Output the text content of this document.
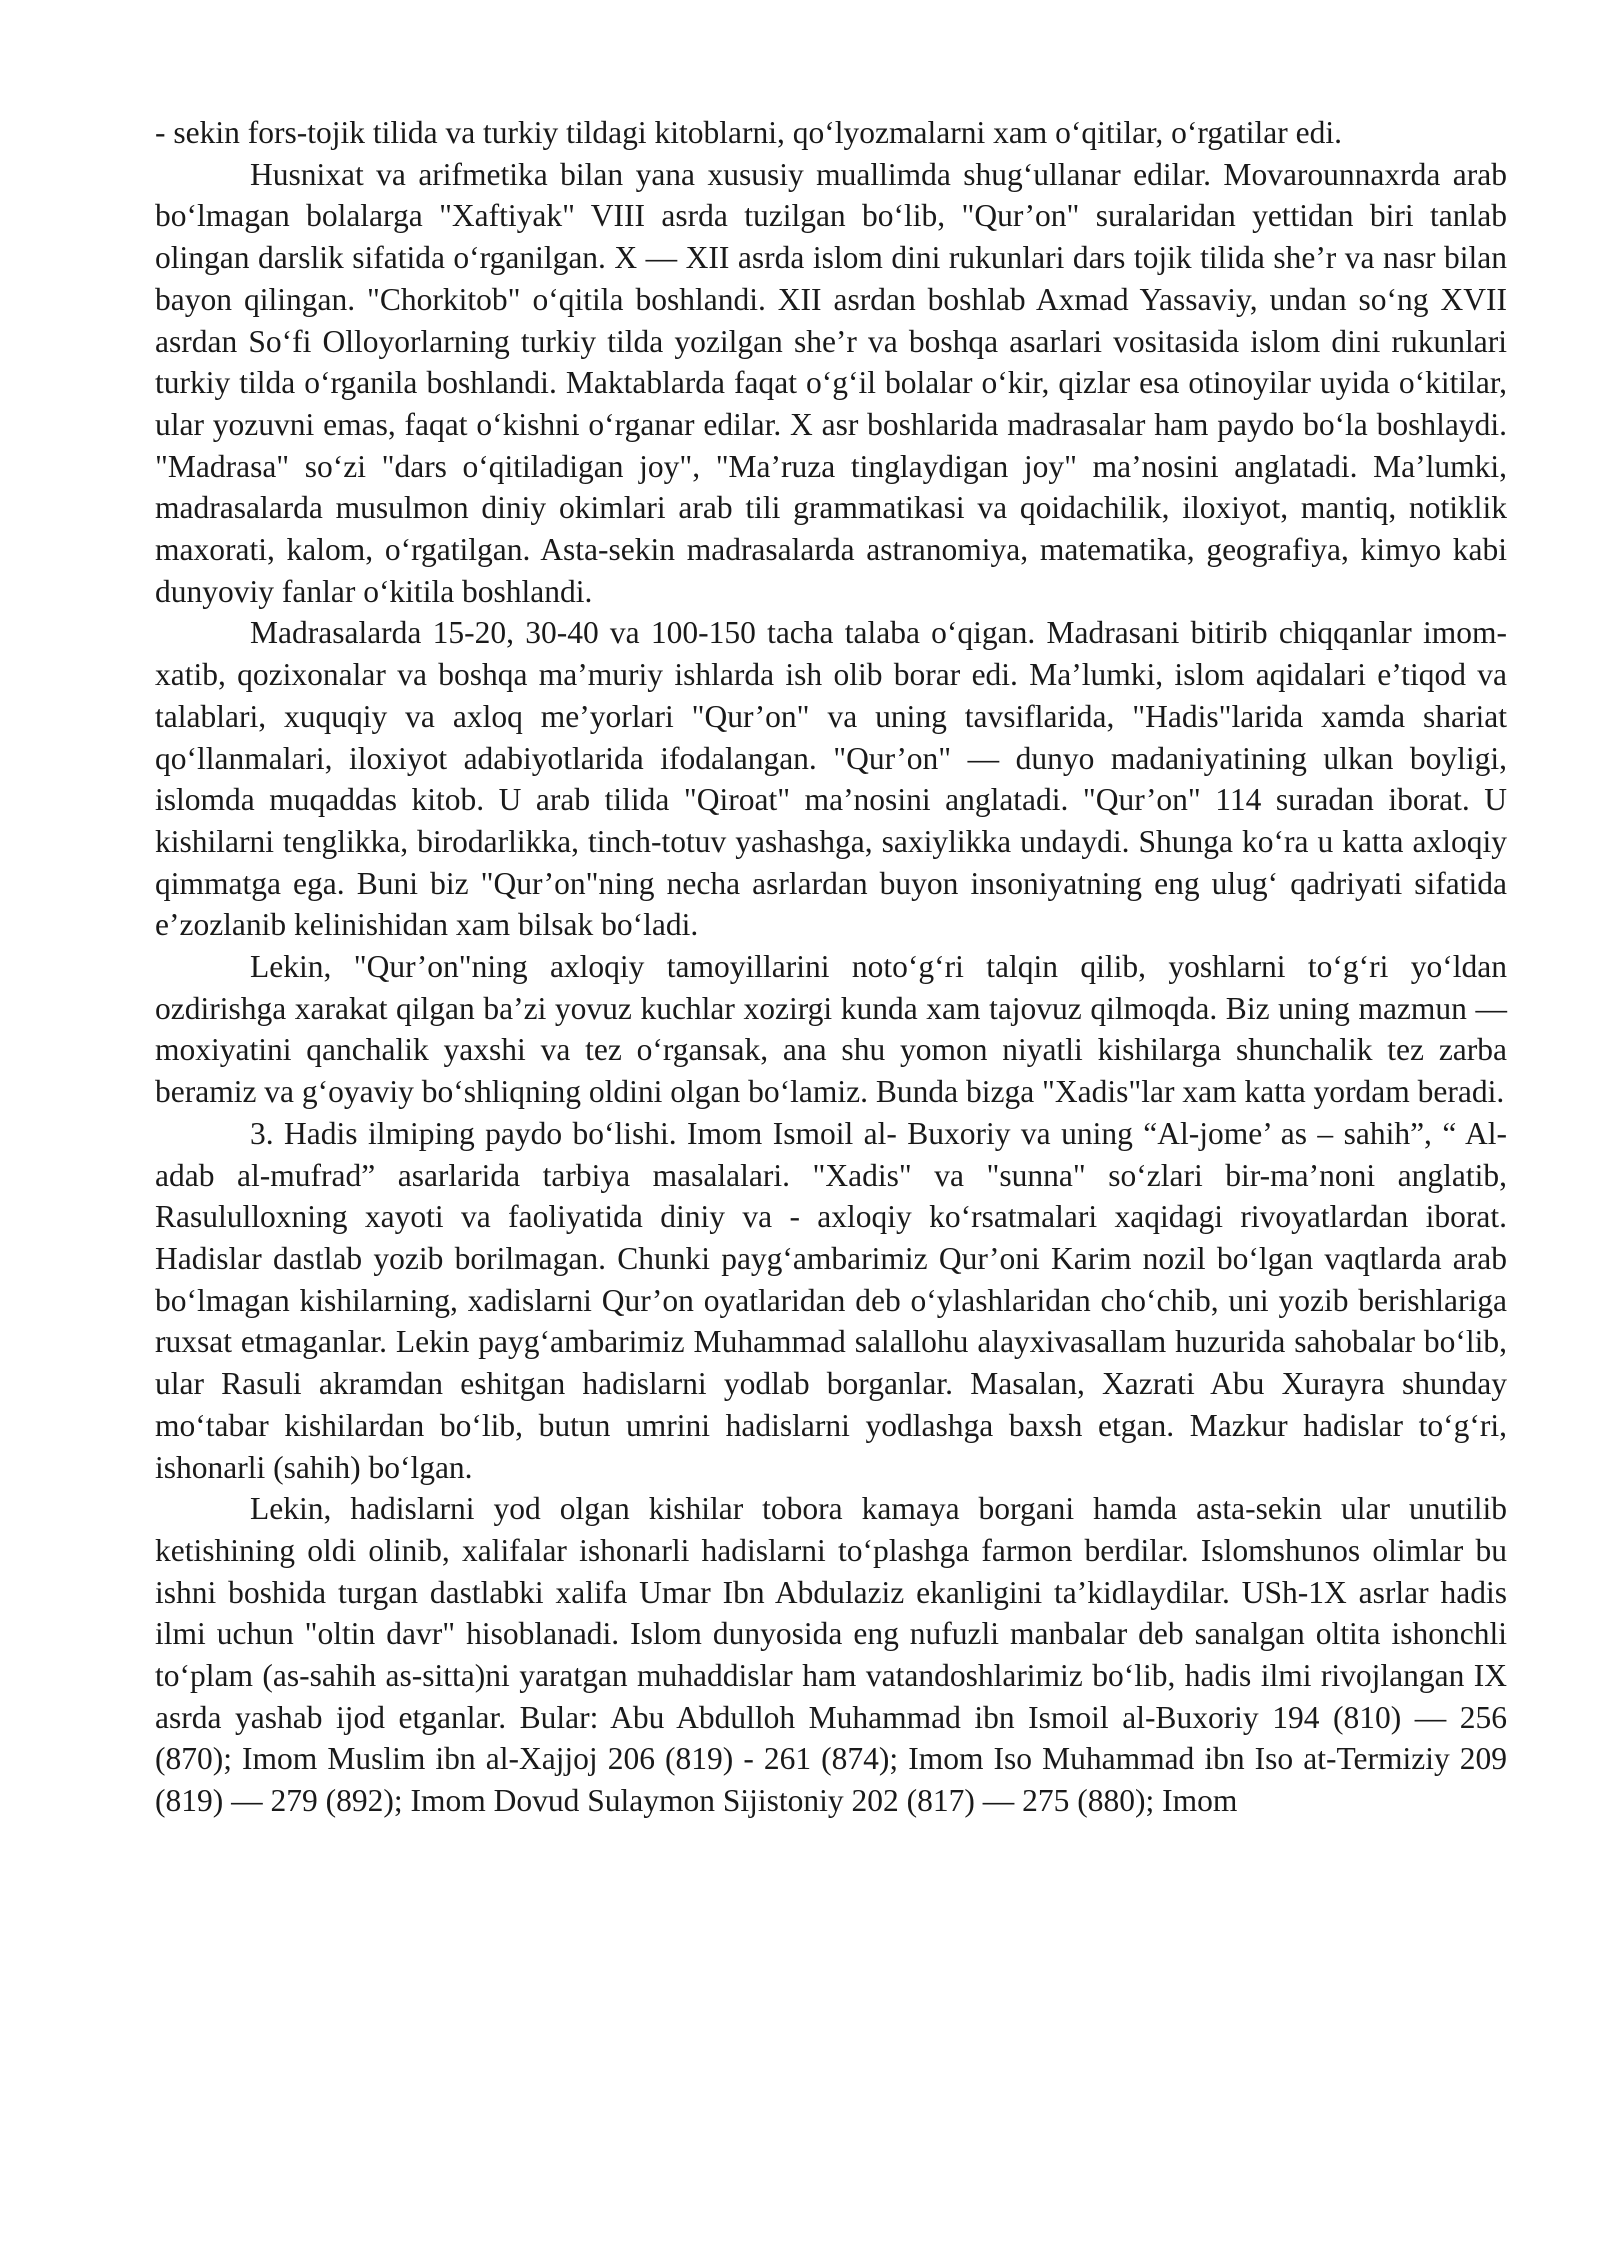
- sekin fors-tojik tilida va turkiy tildagi kitoblarni, qo‘lyozmalarni xam o‘qitilar, o‘rgatilar edi.

Husnixat va arifmetika bilan yana xususiy muallimda shug‘ullanar edilar. Movarounnaxrda arab bo‘lmagan bolalarga "Xaftiyak" VIII asrda tuzilgan bo‘lib, "Qur’on" suralaridan yettidan biri tanlab olingan darslik sifatida o‘rganilgan. X — XII asrda islom dini rukunlari dars tojik tilida she’r va nasr bilan bayon qilingan. "Chorkitob" o‘qitila boshlandi. XII asrdan boshlab Axmad Yassaviy, undan so‘ng XVII asrdan So‘fi Olloyorlarning turkiy tilda yozilgan she’r va boshqa asarlari vositasida islom dini rukunlari turkiy tilda o‘rganila boshlandi. Maktablarda faqat o‘g‘il bolalar o‘kir, qizlar esa otinoyilar uyida o‘kitilar, ular yozuvni emas, faqat o‘kishni o‘rganar edilar. X asr boshlarida madrasalar ham paydo bo‘la boshlaydi. "Madrasa" so‘zi "dars o‘qitiladigan joy", "Ma’ruza tinglaydigan joy" ma’nosini anglatadi. Ma’lumki, madrasalarda musulmon diniy okimlari arab tili grammatikasi va qoidachilik, iloxiyot, mantiq, notiklik maxorati, kalom, o‘rgatilgan. Asta-sekin madrasalarda astranomiya, matematika, geografiya, kimyo kabi dunyoviy fanlar o‘kitila boshlandi.

Madrasalarda 15-20, 30-40 va 100-150 tacha talaba o‘qigan. Madrasani bitirib chiqqanlar imom-xatib, qozixonalar va boshqa ma’muriy ishlarda ish olib borar edi. Ma’lumki, islom aqidalari e’tiqod va talablari, xuquqiy va axloq me’yorlari "Qur’on" va uning tavsiflarida, "Hadis"larida xamda shariat qo‘llanmalari, iloxiyot adabiyotlarida ifodalangan. "Qur’on" — dunyo madaniyatining ulkan boyligi, islomda muqaddas kitob. U arab tilida "Qiroat" ma’nosini anglatadi. "Qur’on" 114 suradan iborat. U kishilarni tenglikka, birodarlikka, tinch-totuv yashashga, saxiylikka undaydi. Shunga ko‘ra u katta axloqiy qimmatga ega. Buni biz "Qur’on"ning necha asrlardan buyon insoniyatning eng ulug‘ qadriyati sifatida e’zozlanib kelinishidan xam bilsak bo‘ladi.

Lekin, "Qur’on"ning axloqiy tamoyillarini noto‘g‘ri talqin qilib, yoshlarni to‘g‘ri yo‘ldan ozdirishga xarakat qilgan ba’zi yovuz kuchlar xozirgi kunda xam tajovuz qilmoqda. Biz uning mazmun — moxiyatini qanchalik yaxshi va tez o‘rgansak, ana shu yomon niyatli kishilarga shunchalik tez zarba beramiz va g‘oyaviy bo‘shliqning oldini olgan bo‘lamiz. Bunda bizga "Xadis"lar xam katta yordam beradi.

3. Hadis ilmiping paydo bo‘lishi. Imom Ismoil al- Buxoriy va uning “Al-jome’ as – sahih”, “ Al- adab al-mufrad” asarlarida tarbiya masalalari. "Xadis" va "sunna" so‘zlari bir-ma’noni anglatib, Rasululloxning xayoti va faoliyatida diniy va - axloqiy ko‘rsatmalari xaqidagi rivoyatlardan iborat. Hadislar dastlab yozib borilmagan. Chunki payg‘ambarimiz Qur’oni Karim nozil bo‘lgan vaqtlarda arab bo‘lmagan kishilarning, xadislarni Qur’on oyatlaridan deb o‘ylashlaridan cho‘chib, uni yozib berishlariga ruxsat etmaganlar. Lekin payg‘ambarimiz Muhammad salallohu alayxivasallam huzurida sahobalar bo‘lib, ular Rasuli akramdan eshitgan hadislarni yodlab borganlar. Masalan, Xazrati Abu Xurayra shunday mo‘tabar kishilardan bo‘lib, butun umrini hadislarni yodlashga baxsh etgan. Mazkur hadislar to‘g‘ri, ishonarli (sahih) bo‘lgan.

Lekin, hadislarni yod olgan kishilar tobora kamaya borgani hamda asta-sekin ular unutilib ketishining oldi olinib, xalifalar ishonarli hadislarni to‘plashga farmon berdilar. Islomshunos olimlar bu ishni boshida turgan dastlabki xalifa Umar Ibn Abdulaziz ekanligini ta’kidlaydilar. USh-1X asrlar hadis ilmi uchun "oltin davr" hisoblanadi. Islom dunyosida eng nufuzli manbalar deb sanalgan oltita ishonchli to‘plam (as-sahih as-sitta)ni yaratgan muhaddislar ham vatandoshlarimiz bo‘lib, hadis ilmi rivojlangan IX asrda yashab ijod etganlar. Bular: Abu Abdulloh Muhammad ibn Ismoil al-Buxoriy 194 (810) — 256 (870); Imom Muslim ibn al-Xajjoj 206 (819) - 261 (874); Imom Iso Muhammad ibn Iso at-Termiziy 209 (819) — 279 (892); Imom Dovud Sulaymon Sijistoniy 202 (817) — 275 (880); Imom
